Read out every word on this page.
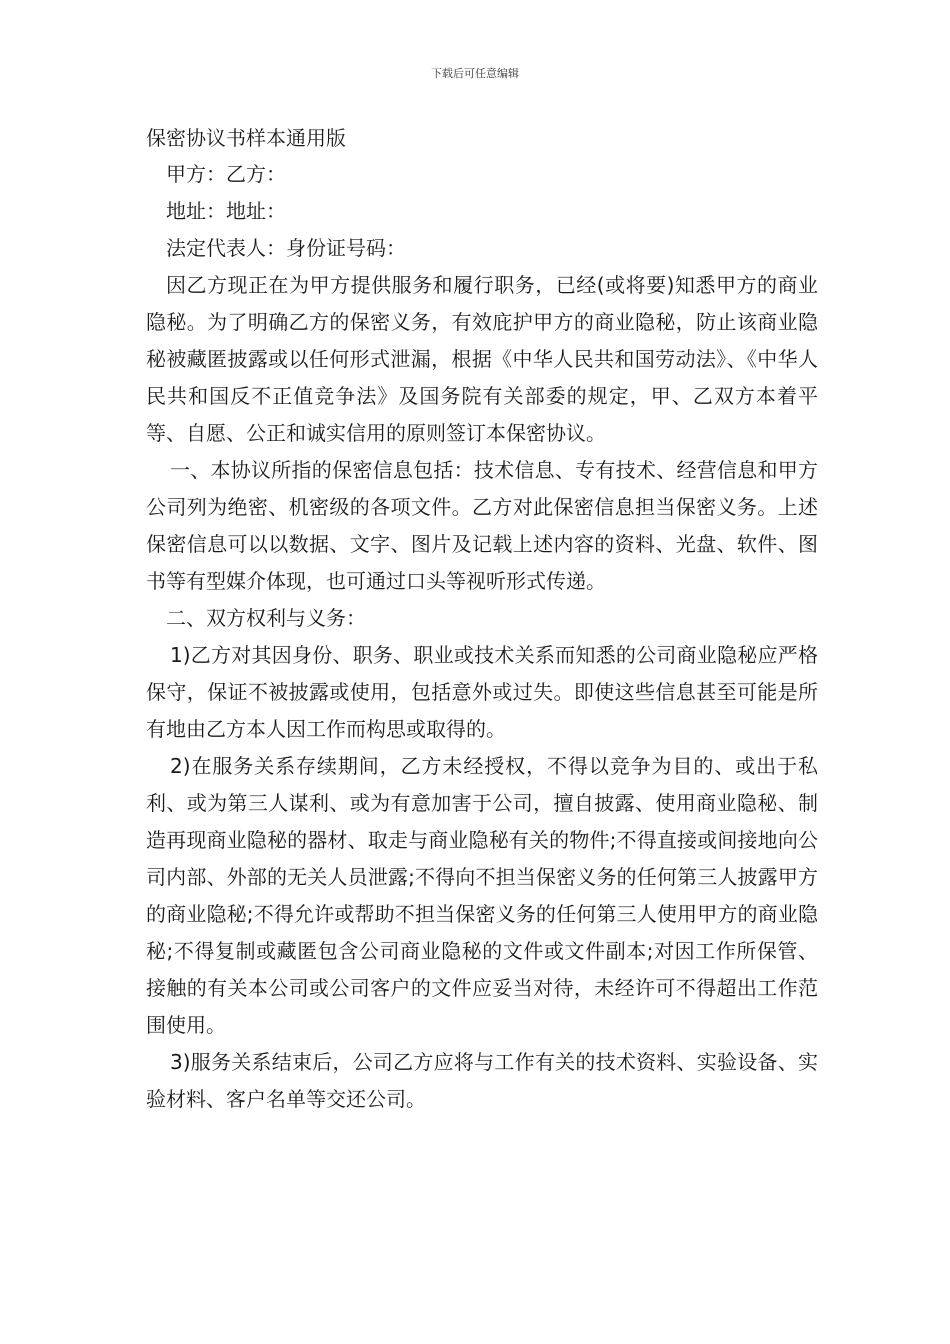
下载后可任意编辑
保密协议书样本通用版

甲方：乙方：

地址：地址：

法定代表人：身份证号码：

因乙方现正在为甲方提供服务和履行职务，已经(或将要)知悉甲方的商业隐秘。为了明确乙方的保密义务，有效庇护甲方的商业隐秘，防止该商业隐秘被藏匿披露或以任何形式泄漏，根据《中华人民共和国劳动法》、《中华人民共和国反不正值竞争法》及国务院有关部委的规定，甲、乙双方本着平等、自愿、公正和诚实信用的原则签订本保密协议。

一、本协议所指的保密信息包括：技术信息、专有技术、经营信息和甲方公司列为绝密、机密级的各项文件。乙方对此保密信息担当保密义务。上述保密信息可以以数据、文字、图片及记载上述内容的资料、光盘、软件、图书等有型媒介体现，也可通过口头等视听形式传递。

二、双方权利与义务：

1)乙方对其因身份、职务、职业或技术关系而知悉的公司商业隐秘应严格保守，保证不被披露或使用，包括意外或过失。即使这些信息甚至可能是所有地由乙方本人因工作而构思或取得的。

2)在服务关系存续期间，乙方未经授权，不得以竞争为目的、或出于私利、或为第三人谋利、或为有意加害于公司，擅自披露、使用商业隐秘、制造再现商业隐秘的器材、取走与商业隐秘有关的物件;不得直接或间接地向公司内部、外部的无关人员泄露;不得向不担当保密义务的任何第三人披露甲方的商业隐秘;不得允许或帮助不担当保密义务的任何第三人使用甲方的商业隐秘;不得复制或藏匿包含公司商业隐秘的文件或文件副本;对因工作所保管、接触的有关本公司或公司客户的文件应妥当对待，未经许可不得超出工作范围使用。

3)服务关系结束后，公司乙方应将与工作有关的技术资料、实验设备、实验材料、客户名单等交还公司。
